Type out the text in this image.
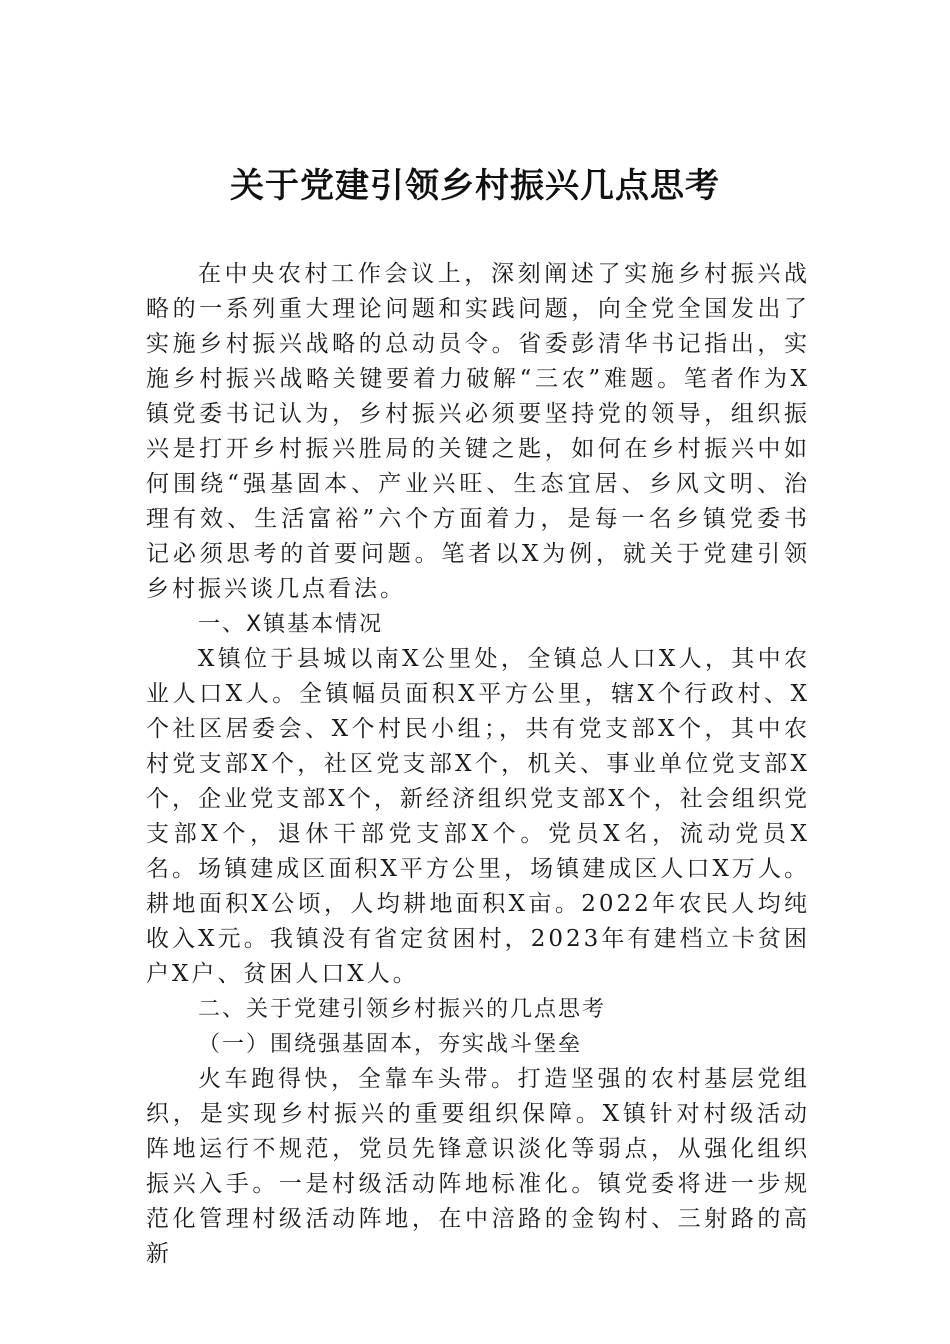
关于党建引领乡村振兴几点思考

在中央农村工作会议上，深刻阐述了实施乡村振兴战略的一系列重大理论问题和实践问题，向全党全国发出了实施乡村振兴战略的总动员令。省委彭清华书记指出，实施乡村振兴战略关键要着力破解“三农”难题。笔者作为X镇党委书记认为，乡村振兴必须要坚持党的领导，组织振兴是打开乡村振兴胜局的关键之匙，如何在乡村振兴中如何围绕“强基固本、产业兴旺、生态宜居、乡风文明、治理有效、生活富裕”六个方面着力，是每一名乡镇党委书记必须思考的首要问题。笔者以X为例，就关于党建引领乡村振兴谈几点看法。

一、X镇基本情况

X镇位于县城以南X公里处，全镇总人口X人，其中农业人口X人。全镇幅员面积X平方公里，辖X个行政村、X个社区居委会、X个村民小组；，共有党支部X个，其中农村党支部X个，社区党支部X个，机关、事业单位党支部X个，企业党支部X个，新经济组织党支部X个，社会组织党支部X个，退休干部党支部X个。党员X名，流动党员X名。场镇建成区面积X平方公里，场镇建成区人口X万人。耕地面积X公顷，人均耕地面积X亩。2022年农民人均纯收入X元。我镇没有省定贫困村，2023年有建档立卡贫困户X户、贫困人口X人。

二、关于党建引领乡村振兴的几点思考

（一）围绕强基固本，夯实战斗堡垒

火车跑得快，全靠车头带。打造坚强的农村基层党组织，是实现乡村振兴的重要组织保障。X镇针对村级活动阵地运行不规范，党员先锋意识淡化等弱点，从强化组织振兴入手。一是村级活动阵地标准化。镇党委将进一步规范化管理村级活动阵地，在中涪路的金钩村、三射路的高新
